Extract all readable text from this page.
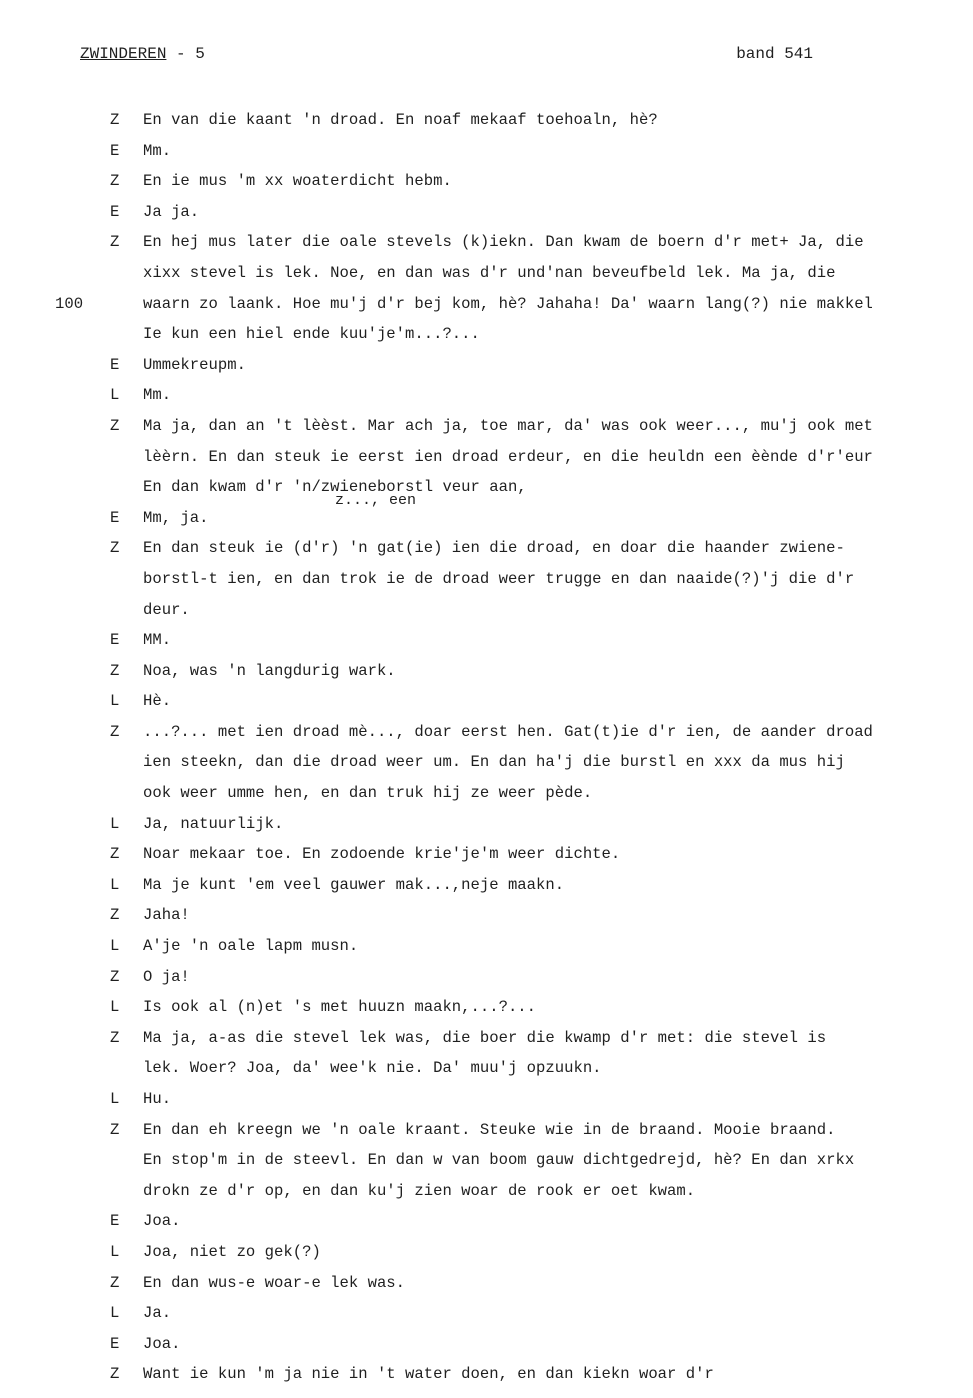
ZWINDEREN - 5	band 541
Z	En van die kaant 'n droad. En noaf mekaaf toehoaln, hè?
E	Mm.
Z	En ie mus 'm xx woaterdicht hebm.
E	Ja ja.
Z	En hej mus later die oale stevels (k)iekn. Dan kwam de boern d'r met+ Ja, die
xixx stevel is lek. Noe, en dan was d'r und'nan beveufbeld lek. Ma ja, die
100	waarn zo laank. Hoe mu'j d'r bej kom, hè? Jahaha! Da' waarn lang(?) nie makkel
Ie kun een hiel ende kuu'je'm...?...
E	Ummekreupm.
L	Mm.
Z	Ma ja, dan an 't lèèst. Mar ach ja, toe mar, da' was ook weer..., mu'j ook met
lèèrn. En dan steuk ie eerst ien droad erdeur, en die heuldn een èènde d'r'eur
En dan kwam d'r 'n/zwieneborstl veur aan,
z..., een
E	Mm, ja.
Z	En dan steuk ie (d'r) 'n gat(ie) ien die droad, en doar die haander zwiene-
borstl-t ien, en dan trok ie de droad weer trugge en dan naaide(?)'j die d'r
deur.
E	MM.
Z	Noa, was 'n langdurig wark.
L	Hè.
Z	...?... met ien droad mè..., doar eerst hen. Gat(t)ie d'r ien, de aander droad
ien steekn, dan die droad weer um. En dan ha'j die burstl en xxx da mus hij
ook weer umme hen, en dan truk hij ze weer pède.
L	Ja, natuurlijk.
Z	Noar mekaar toe. En zodoende krie'je'm weer dichte.
L	Ma je kunt 'em veel gauwer mak...,neje maakn.
Z	Jaha!
L	A'je 'n oale lapm musn.
Z	O ja!
L	Is ook al (n)et 's met huuzn maakn,...?...
Z	Ma ja, a-as die stevel lek was, die boer die kwamp d'r met: die stevel is
lek. Woer? Joa, da' wee'k nie. Da' muu'j opzuukn.
L	Hu.
Z	En dan eh kreegn we 'n oale kraant. Steuke wie in de braand. Mooie braand.
En stop'm in de steevl. En dan w van boom gauw dichtgedrejd, hè? En dan xrkx
drokn ze d'r op, en dan ku'j zien woar de rook er oet kwam.
E	Joa.
L	Joa, niet zo gek(?)
Z	En dan wus-e woar-e lek was.
L	Ja.
E	Joa.
Z	Want ie kun 'm ja nie in 't water doen, en dan kiekn woar d'r
